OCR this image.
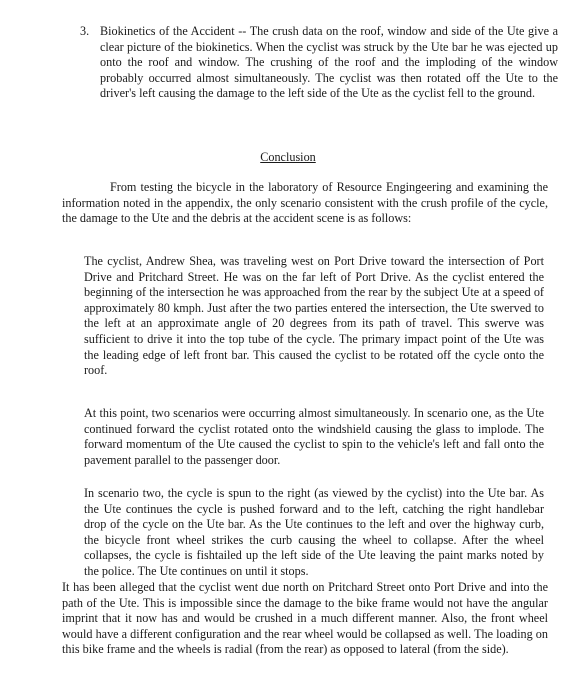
3. Biokinetics of the Accident -- The crush data on the roof, window and side of the Ute give a clear picture of the biokinetics. When the cyclist was struck by the Ute bar he was ejected up onto the roof and window. The crushing of the roof and the imploding of the window probably occurred almost simultaneously. The cyclist was then rotated off the Ute to the driver's left causing the damage to the left side of the Ute as the cyclist fell to the ground.
Conclusion
From testing the bicycle in the laboratory of Resource Engingeering and examining the information noted in the appendix, the only scenario consistent with the crush profile of the cycle, the damage to the Ute and the debris at the accident scene is as follows:
The cyclist, Andrew Shea, was traveling west on Port Drive toward the intersection of Port Drive and Pritchard Street. He was on the far left of Port Drive. As the cyclist entered the beginning of the intersection he was approached from the rear by the subject Ute at a speed of approximately 80 kmph. Just after the two parties entered the intersection, the Ute swerved to the left at an approximate angle of 20 degrees from its path of travel. This swerve was sufficient to drive it into the top tube of the cycle. The primary impact point of the Ute was the leading edge of left front bar. This caused the cyclist to be rotated off the cycle onto the roof.
At this point, two scenarios were occurring almost simultaneously. In scenario one, as the Ute continued forward the cyclist rotated onto the windshield causing the glass to implode. The forward momentum of the Ute caused the cyclist to spin to the vehicle's left and fall onto the pavement parallel to the passenger door.
In scenario two, the cycle is spun to the right (as viewed by the cyclist) into the Ute bar. As the Ute continues the cycle is pushed forward and to the left, catching the right handlebar drop of the cycle on the Ute bar. As the Ute continues to the left and over the highway curb, the bicycle front wheel strikes the curb causing the wheel to collapse. After the wheel collapses, the cycle is fishtailed up the left side of the Ute leaving the paint marks noted by the police. The Ute continues on until it stops.
It has been alleged that the cyclist went due north on Pritchard Street onto Port Drive and into the path of the Ute. This is impossible since the damage to the bike frame would not have the angular imprint that it now has and would be crushed in a much different manner. Also, the front wheel would have a different configuration and the rear wheel would be collapsed as well. The loading on this bike frame and the wheels is radial (from the rear) as opposed to lateral (from the side).
